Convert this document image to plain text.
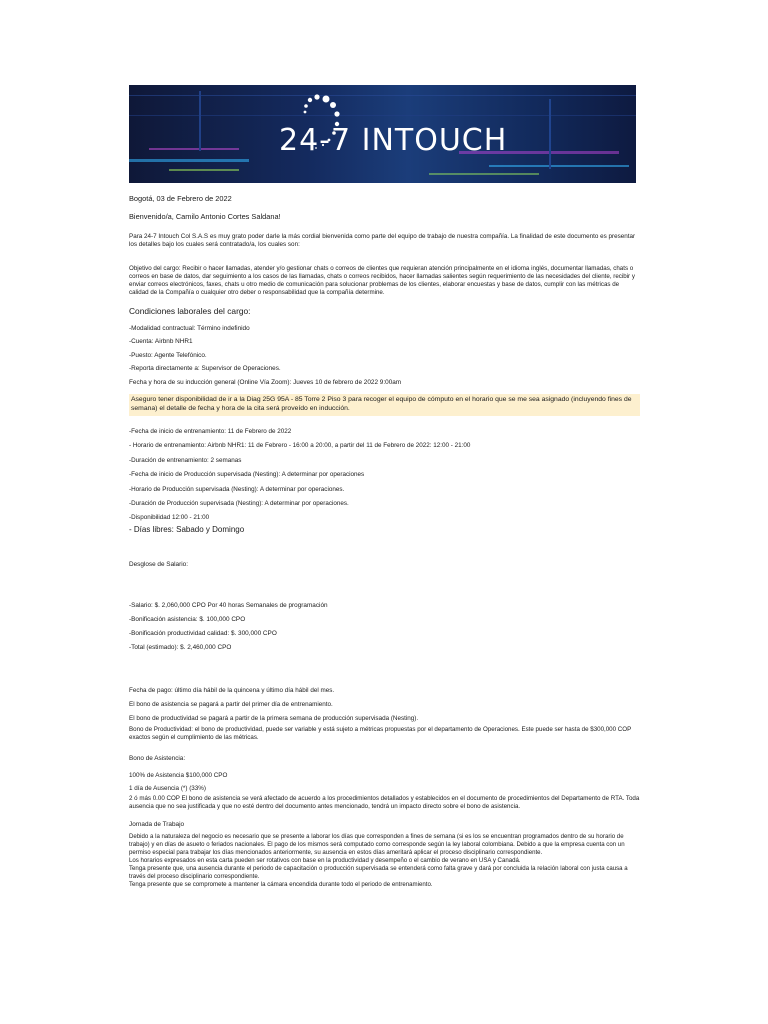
24-7 INTOUCH

Bogotá, 03 de Febrero de 2022

Bienvenido/a, Camilo Antonio Cortes Saldana!

Para 24-7 Intouch Col S.A.S es muy grato poder darle la más cordial bienvenida como parte del equipo de trabajo de nuestra compañía. La finalidad de este documento es presentar los detalles bajo los cuales será contratado/a, los cuales son:

Objetivo del cargo: Recibir o hacer llamadas, atender y/o gestionar chats o correos de clientes que requieran atención principalmente en el idioma inglés, documentar llamadas, chats o correos en base de datos, dar seguimiento a los casos de las llamadas, chats o correos recibidos, hacer llamadas salientes según requerimiento de las necesidades del cliente, recibir y enviar correos electrónicos, faxes, chats u otro medio de comunicación para solucionar problemas de los clientes, elaborar encuestas y base de datos, cumplir con las métricas de calidad de la Compañía o cualquier otro deber o responsabilidad que la compañía determine.

Condiciones laborales del cargo:

-Modalidad contractual: Término indefinido

-Cuenta: Airbnb NHR1

-Puesto: Agente Telefónico.

-Reporta directamente a: Supervisor de Operaciones.

Fecha y hora de su inducción general (Online Vía Zoom): Jueves 10 de febrero de 2022 9:00am

Aseguro tener disponibilidad de ir a la Diag 25G 95A - 85 Torre 2 Piso 3 para recoger el equipo de cómputo en el horario que se me sea asignado (incluyendo fines de semana) el detalle de fecha y hora de la cita será proveído en inducción.

-Fecha de inicio de entrenamiento: 11 de Febrero de 2022

- Horario de entrenamiento: Airbnb NHR1: 11 de Febrero - 16:00 a 20:00, a partir del 11 de Febrero de 2022: 12:00 - 21:00

-Duración de entrenamiento: 2 semanas

-Fecha de inicio de Producción supervisada (Nesting): A determinar por operaciones

-Horario de Producción supervisada (Nesting): A determinar por operaciones.

-Duración de Producción supervisada (Nesting): A determinar por operaciones.

-Disponibilidad 12:00 - 21:00

- Días libres: Sabado y Domingo

Desglose de Salario:

-Salario: $. 2,060,000 CPO Por 40 horas Semanales de programación

-Bonificación asistencia: $. 100,000 CPO

-Bonificación productividad calidad: $. 300,000 CPO

-Total (estimado): $. 2,460,000 CPO

Fecha de pago: último día hábil de la quincena y último día hábil del mes.

El bono de asistencia se pagará a partir del primer día de entrenamiento.

El bono de productividad se pagará a partir de la primera semana de producción supervisada (Nesting).

Bono de Productividad: el bono de productividad, puede ser variable y está sujeto a métricas propuestas por el departamento de Operaciones. Este puede ser hasta de $300,000 COP exactos según el cumplimiento de las métricas.

Bono de Asistencia:

100% de Asistencia $100,000 CPO

1 día de Ausencia (*) (33%)

2 ó más 0.00 COP El bono de asistencia se verá afectado de acuerdo a los procedimientos detallados y establecidos en el documento de procedimientos del Departamento de RTA. Toda ausencia que no sea justificada y que no esté dentro del documento antes mencionado, tendrá un impacto directo sobre el bono de asistencia.

Jornada de Trabajo

Debido a la naturaleza del negocio es necesario que se presente a laborar los días que corresponden a fines de semana (si es los se encuentran programados dentro de su horario de trabajo) y en días de asueto o feriados nacionales. El pago de los mismos será computado como corresponde según la ley laboral colombiana. Debido a que la empresa cuenta con un permiso especial para trabajar los días mencionados anteriormente, su ausencia en estos días ameritará aplicar el proceso disciplinario correspondiente.

Los horarios expresados en esta carta pueden ser rotativos con base en la productividad y desempeño o el cambio de verano en USA y Canadá.

Tenga presente que, una ausencia durante el periodo de capacitación o producción supervisada se entenderá como falta grave y dará por concluida la relación laboral con justa causa a través del proceso disciplinario correspondiente.

Tenga presente que se compromete a mantener la cámara encendida durante todo el periodo de entrenamiento.
